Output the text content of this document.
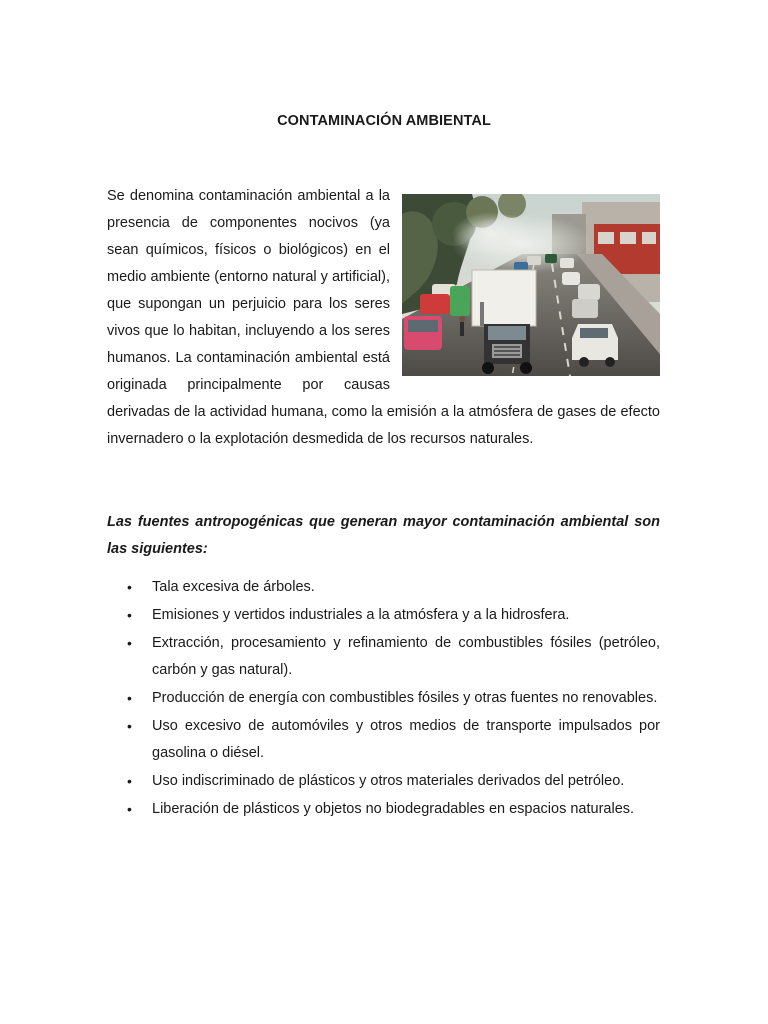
CONTAMINACIÓN AMBIENTAL
Se denomina contaminación ambiental a la presencia de componentes nocivos (ya sean químicos, físicos o biológicos) en el medio ambiente (entorno natural y artificial), que supongan un perjuicio para los seres vivos que lo habitan, incluyendo a los seres humanos. La contaminación ambiental está originada principalmente por causas derivadas de la actividad humana, como la emisión a la atmósfera de gases de efecto invernadero o la explotación desmedida de los recursos naturales.
Las fuentes antropogénicas que generan mayor contaminación ambiental son las siguientes:
• Tala excesiva de árboles.
• Emisiones y vertidos industriales a la atmósfera y a la hidrosfera.
• Extracción, procesamiento y refinamiento de combustibles fósiles (petróleo, carbón y gas natural).
• Producción de energía con combustibles fósiles y otras fuentes no renovables.
• Uso excesivo de automóviles y otros medios de transporte impulsados por gasolina o diésel.
• Uso indiscriminado de plásticos y otros materiales derivados del petróleo.
• Liberación de plásticos y objetos no biodegradables en espacios naturales.
